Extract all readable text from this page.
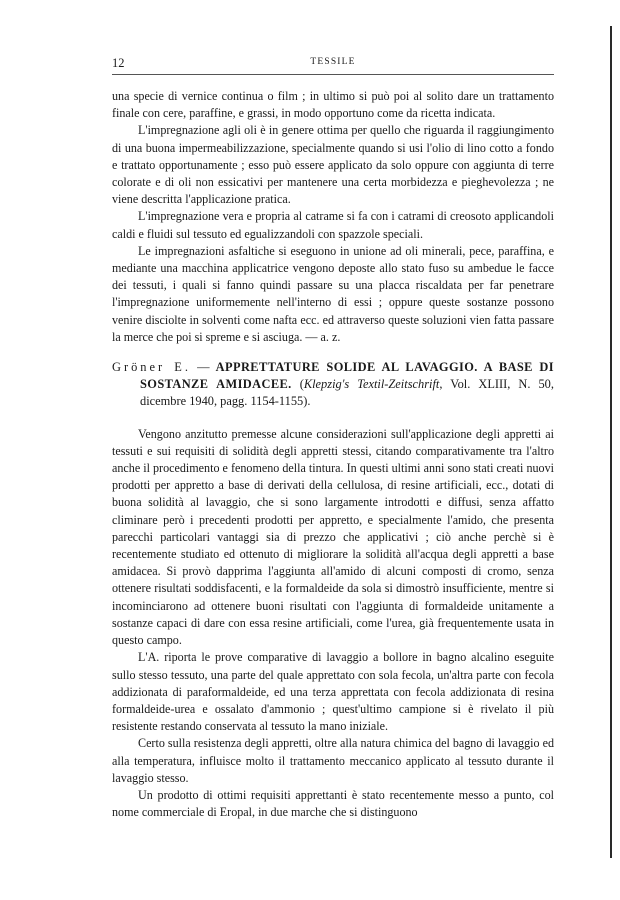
12	TESSILE

una specie di vernice continua o film ; in ultimo si può poi al solito dare un trattamento finale con cere, paraffine, e grassi, in modo opportuno come da ricetta indicata.

L'impregnazione agli oli è in genere ottima per quello che riguarda il raggiungimento di una buona impermeabilizzazione, specialmente quando si usi l'olio di lino cotto a fondo e trattato opportunamente ; esso può essere applicato da solo oppure con aggiunta di terre colorate e di oli non essicativi per mantenere una certa morbidezza e pieghevolezza ; ne viene descritta l'applicazione pratica.

L'impregnazione vera e propria al catrame si fa con i catrami di creosoto applicandoli caldi e fluidi sul tessuto ed egualizzandoli con spazzole speciali.

Le impregnazioni asfaltiche si eseguono in unione ad oli minerali, pece, paraffina, e mediante una macchina applicatrice vengono deposte allo stato fuso su ambedue le facce dei tessuti, i quali si fanno quindi passare su una placca riscaldata per far penetrare l'impregnazione uniformemente nell'interno di essi ; oppure queste sostanze possono venire disciolte in solventi come nafta ecc. ed attraverso queste soluzioni vien fatta passare la merce che poi si spreme e si asciuga. — a. z.

Gröner E. — APPRETTATURE SOLIDE AL LAVAGGIO. A BASE DI SOSTANZE AMIDACEE. (Klepzig's Textil-Zeitschrift, Vol. XLIII, N. 50, dicembre 1940, pagg. 1154-1155).

Vengono anzitutto premesse alcune considerazioni sull'applicazione degli appretti ai tessuti e sui requisiti di solidità degli appretti stessi, citando comparativamente tra l'altro anche il procedimento e fenomeno della tintura. In questi ultimi anni sono stati creati nuovi prodotti per appretto a base di derivati della cellulosa, di resine artificiali, ecc., dotati di buona solidità al lavaggio, che si sono largamente introdotti e diffusi, senza affatto climinare però i precedenti prodotti per appretto, e specialmente l'amido, che presenta parecchi particolari vantaggi sia di prezzo che applicativi ; ciò anche perchè si è recentemente studiato ed ottenuto di migliorare la solidità all'acqua degli appretti a base amidacea. Si provò dapprima l'aggiunta all'amido di alcuni composti di cromo, senza ottenere risultati soddisfacenti, e la formaldeide da sola si dimostrò insufficiente, mentre si incominciarono ad ottenere buoni risultati con l'aggiunta di formaldeide unitamente a sostanze capaci di dare con essa resine artificiali, come l'urea, già frequentemente usata in questo campo.

L'A. riporta le prove comparative di lavaggio a bollore in bagno alcalino eseguite sullo stesso tessuto, una parte del quale apprettato con sola fecola, un'altra parte con fecola addizionata di paraformaldeide, ed una terza apprettata con fecola addizionata di resina formaldeide-urea e ossalato d'ammonio ; quest'ultimo campione si è rivelato il più resistente restando conservata al tessuto la mano iniziale.

Certo sulla resistenza degli appretti, oltre alla natura chimica del bagno di lavaggio ed alla temperatura, influisce molto il trattamento meccanico applicato al tessuto durante il lavaggio stesso.

Un prodotto di ottimi requisiti apprettanti è stato recentemente messo a punto, col nome commerciale di Eropal, in due marche che si distinguono
